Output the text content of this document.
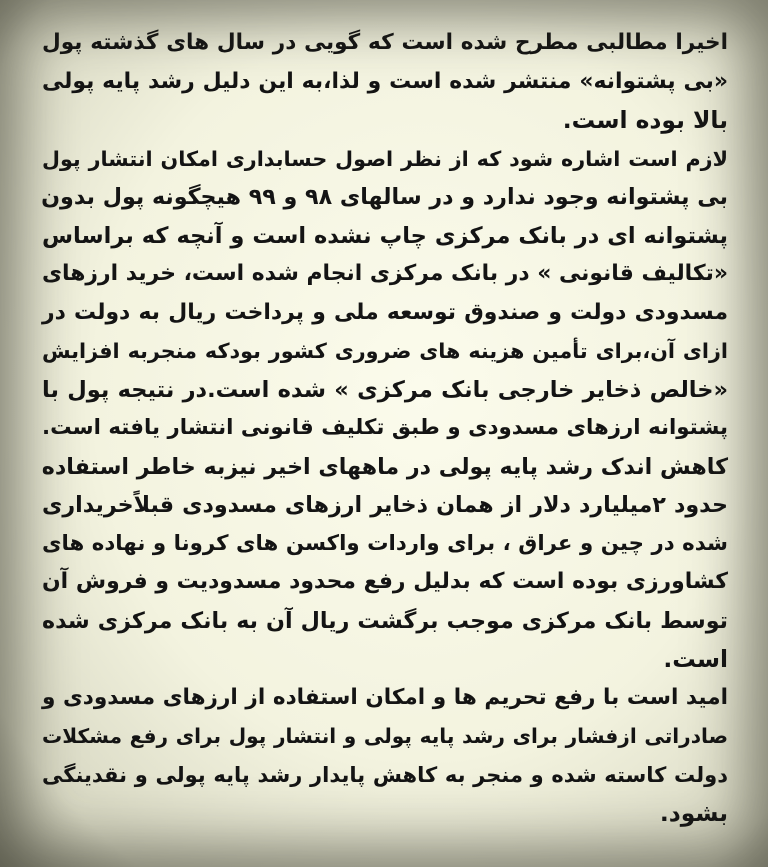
اخیرا مطالبی مطرح شده است که گویی در سال های گذشته پول
«بی پشتوانه» منتشر شده است و لذا،به این دلیل رشد پایه پولی
بالا بوده است.
لازم است اشاره شود که از نظر اصول حسابداری امکان انتشار پول
بی پشتوانه وجود ندارد و در سالهای ۹۸ و ۹۹ هیچگونه پول بدون
پشتوانه ای در بانک مرکزی چاپ نشده است و آنچه که براساس
«تکالیف قانونی » در بانک مرکزی انجام شده است، خرید ارزهای
مسدودی دولت و صندوق توسعه ملی و پرداخت ریال به دولت در
ازای آن،برای تأمین هزینه های ضروری کشور بودکه منجربه افزایش
«خالص ذخایر خارجی بانک مرکزی » شده است.در نتیجه پول با
پشتوانه ارزهای مسدودی و طبق تکلیف قانونی انتشار یافته است.
کاهش اندک رشد پایه پولی در ماههای اخیر نیزبه خاطر استفاده
حدود ۲میلیارد دلار از همان ذخایر ارزهای مسدودی قبلاًخریداری
شده در چین و عراق ، برای واردات واکسن های کرونا و نهاده های
کشاورزی بوده است که بدلیل رفع محدود مسدودیت و فروش آن
توسط بانک مرکزی موجب برگشت ریال آن به بانک مرکزی شده
است.
امید است با رفع تحریم ها و امکان استفاده از ارزهای مسدودی و
صادراتی ازفشار برای رشد پایه پولی و انتشار پول برای رفع مشکلات
دولت کاسته شده و منجر به کاهش پایدار رشد پایه پولی و نقدینگی
بشود.
